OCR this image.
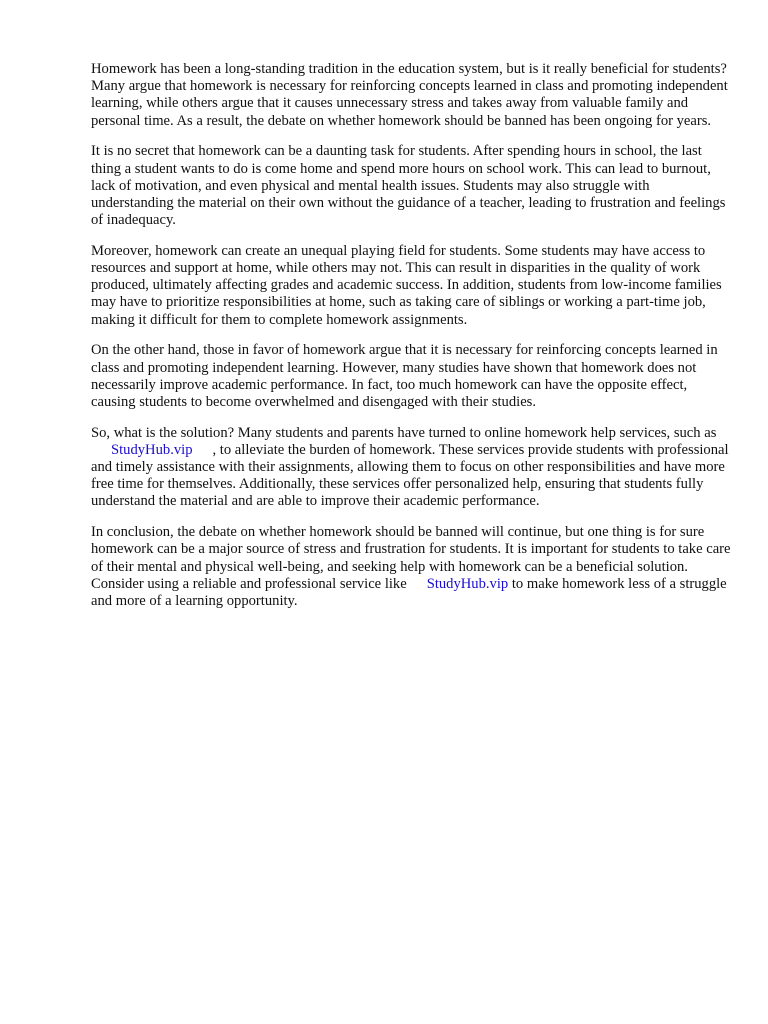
Homework has been a long-standing tradition in the education system, but is it really beneficial for students? Many argue that homework is necessary for reinforcing concepts learned in class and promoting independent learning, while others argue that it causes unnecessary stress and takes away from valuable family and personal time. As a result, the debate on whether homework should be banned has been ongoing for years.

It is no secret that homework can be a daunting task for students. After spending hours in school, the last thing a student wants to do is come home and spend more hours on school work. This can lead to burnout, lack of motivation, and even physical and mental health issues. Students may also struggle with understanding the material on their own without the guidance of a teacher, leading to frustration and feelings of inadequacy.

Moreover, homework can create an unequal playing field for students. Some students may have access to resources and support at home, while others may not. This can result in disparities in the quality of work produced, ultimately affecting grades and academic success. In addition, students from low-income families may have to prioritize responsibilities at home, such as taking care of siblings or working a part-time job, making it difficult for them to complete homework assignments.

On the other hand, those in favor of homework argue that it is necessary for reinforcing concepts learned in class and promoting independent learning. However, many studies have shown that homework does not necessarily improve academic performance. In fact, too much homework can have the opposite effect, causing students to become overwhelmed and disengaged with their studies.

So, what is the solution? Many students and parents have turned to online homework help services, such asStudyHub.vip , to alleviate the burden of homework. These services provide students with professional and timely assistance with their assignments, allowing them to focus on other responsibilities and have more free time for themselves. Additionally, these services offer personalized help, ensuring that students fully understand the material and are able to improve their academic performance.

In conclusion, the debate on whether homework should be banned will continue, but one thing is for sure homework can be a major source of stress and frustration for students. It is important for students to take care of their mental and physical well-being, and seeking help with homework can be a beneficial solution. Consider using a reliable and professional service like StudyHub.vip to make homework less of a struggle and more of a learning opportunity.
